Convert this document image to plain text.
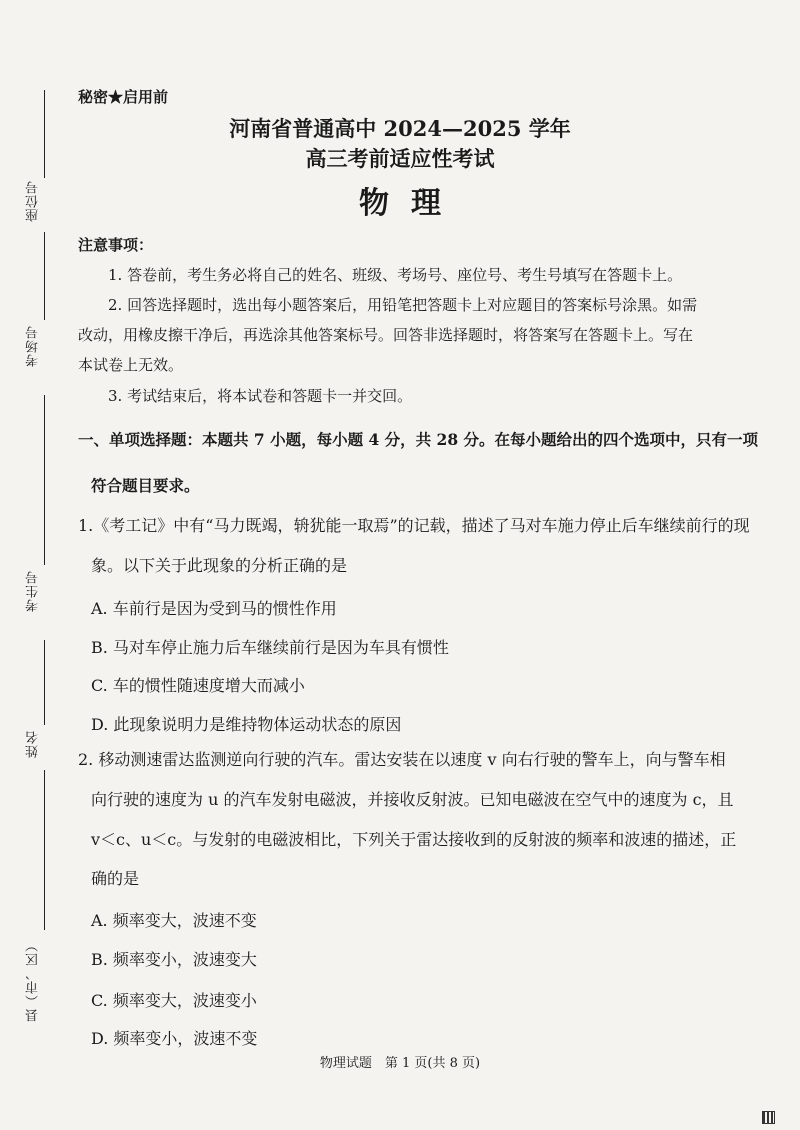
座位号
考场号
考生号
姓名
县（市、区）
秘密★启用前
河南省普通高中 2024—2025 学年
高三考前适应性考试
物理
注意事项：
1. 答卷前，考生务必将自己的姓名、班级、考场号、座位号、考生号填写在答题卡上。
2. 回答选择题时，选出每小题答案后，用铅笔把答题卡上对应题目的答案标号涂黑。如需
改动，用橡皮擦干净后，再选涂其他答案标号。回答非选择题时，将答案写在答题卡上。写在
本试卷上无效。
3. 考试结束后，将本试卷和答题卡一并交回。
一、单项选择题：本题共 7 小题，每小题 4 分，共 28 分。在每小题给出的四个选项中，只有一项
符合题目要求。
1.《考工记》中有“马力既竭，辀犹能一取焉”的记载，描述了马对车施力停止后车继续前行的现
象。以下关于此现象的分析正确的是
A. 车前行是因为受到马的惯性作用
B. 马对车停止施力后车继续前行是因为车具有惯性
C. 车的惯性随速度增大而减小
D. 此现象说明力是维持物体运动状态的原因
2. 移动测速雷达监测逆向行驶的汽车。雷达安装在以速度 v 向右行驶的警车上，向与警车相
向行驶的速度为 u 的汽车发射电磁波，并接收反射波。已知电磁波在空气中的速度为 c，且
v＜c、u＜c。与发射的电磁波相比，下列关于雷达接收到的反射波的频率和波速的描述，正
确的是
A. 频率变大，波速不变
B. 频率变小，波速变大
C. 频率变大，波速变小
D. 频率变小，波速不变
物理试题　第 1 页(共 8 页)
